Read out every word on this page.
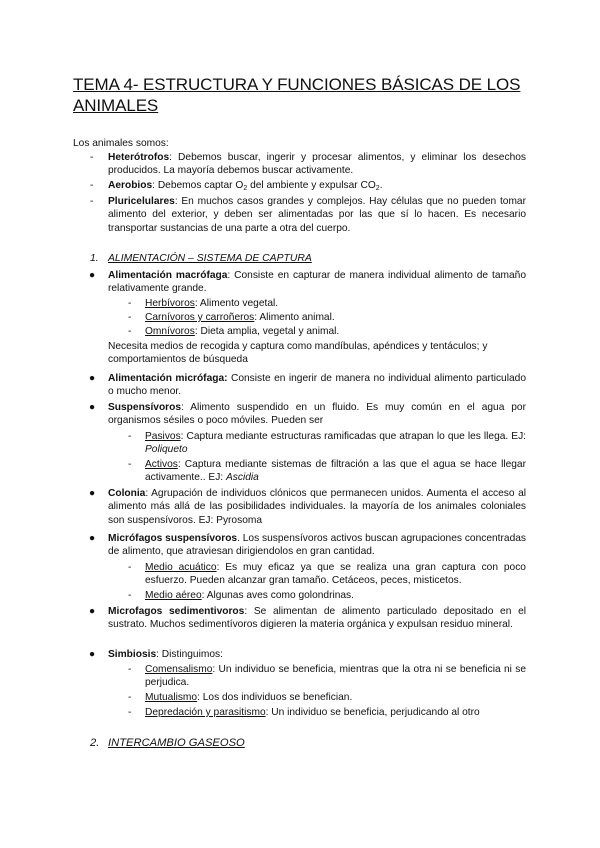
TEMA 4- ESTRUCTURA Y FUNCIONES BÁSICAS DE LOS ANIMALES
Los animales somos:
- Heterótrofos: Debemos buscar, ingerir y procesar alimentos, y eliminar los desechos producidos. La mayoría debemos buscar activamente.
- Aerobios: Debemos captar $O_2$ del ambiente y expulsar $CO_2$.
- Pluricelulares: En muchos casos grandes y complejos. Hay células que no pueden tomar alimento del exterior, y deben ser alimentadas por las que sí lo hacen. Es necesario transportar sustancias de una parte a otra del cuerpo.
1. ALIMENTACIÓN – SISTEMA DE CAPTURA
● Alimentación macrófaga: Consiste en capturar de manera individual alimento de tamaño relativamente grande.
- Herbívoros: Alimento vegetal.
- Carnívoros y carroñeros: Alimento animal.
- Omnívoros: Dieta amplia, vegetal y animal.
Necesita medios de recogida y captura como mandíbulas, apéndices y tentáculos; y comportamientos de búsqueda
● Alimentación micrófaga: Consiste en ingerir de manera no individual alimento particulado o mucho menor.
● Suspensívoros: Alimento suspendido en un fluido. Es muy común en el agua por organismos sésiles o poco móviles. Pueden ser
- Pasivos: Captura mediante estructuras ramificadas que atrapan lo que les llega. EJ: Poliqueto
- Activos: Captura mediante sistemas de filtración a las que el agua se hace llegar activamente.. EJ: Ascidia
● Colonia: Agrupación de individuos clónicos que permanecen unidos. Aumenta el acceso al alimento más allá de las posibilidades individuales. la mayoría de los animales coloniales son suspensívoros. EJ: Pyrosoma
● Micrófagos suspensívoros. Los suspensívoros activos buscan agrupaciones concentradas de alimento, que atraviesan dirigiendolos en gran cantidad.
- Medio acuático: Es muy eficaz ya que se realiza una gran captura con poco esfuerzo. Pueden alcanzar gran tamaño. Cetáceos, peces, misticetos.
- Medio aéreo: Algunas aves como golondrinas.
● Microfagos sedimentivoros: Se alimentan de alimento particulado depositado en el sustrato. Muchos sedimentívoros digieren la materia orgánica y expulsan residuo mineral.
● Simbiosis: Distinguimos:
- Comensalismo: Un individuo se beneficia, mientras que la otra ni se beneficia ni se perjudica.
- Mutualismo: Los dos individuos se benefician.
- Depredación y parasitismo: Un individuo se beneficia, perjudicando al otro
2. INTERCAMBIO GASEOSO
